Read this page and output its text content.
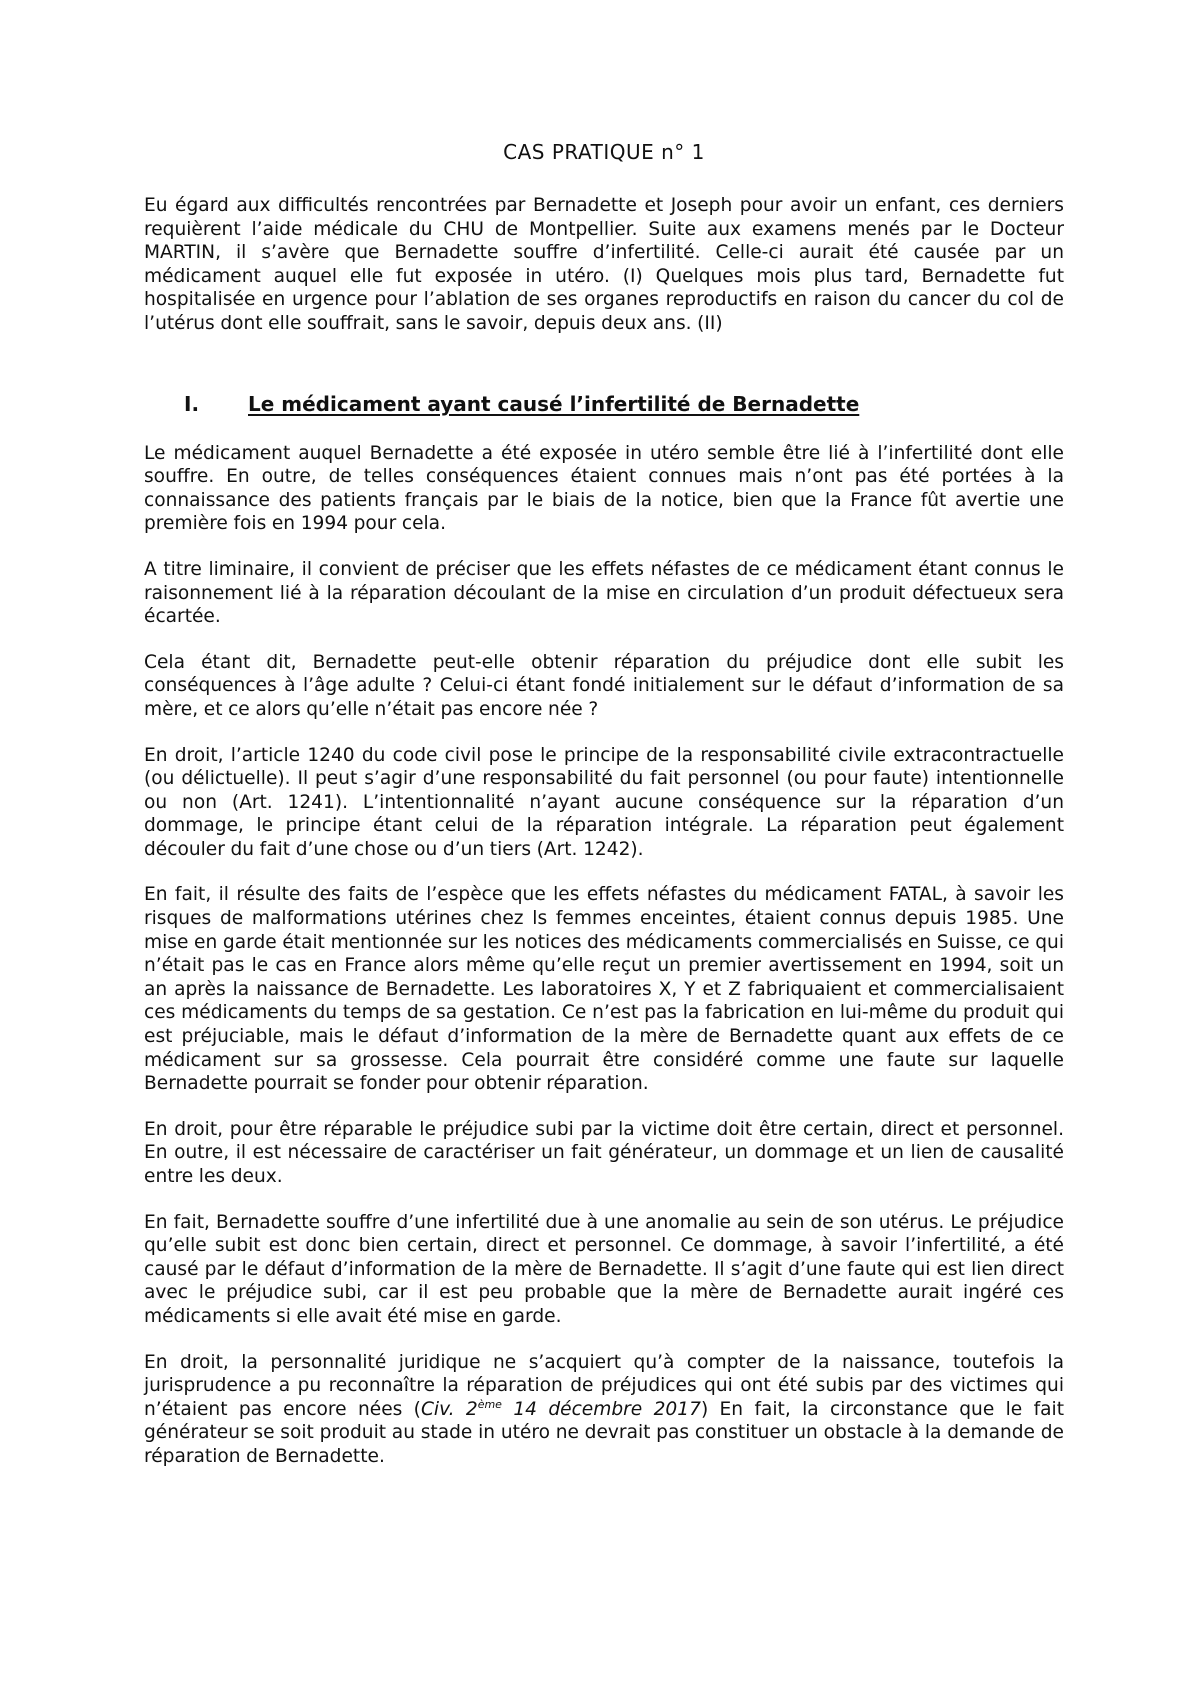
CAS PRATIQUE n° 1

Eu égard aux difficultés rencontrées par Bernadette et Joseph pour avoir un enfant, ces derniers requièrent l’aide médicale du CHU de Montpellier. Suite aux examens menés par le Docteur MARTIN, il s’avère que Bernadette souffre d’infertilité. Celle-ci aurait été causée par un médicament auquel elle fut exposée in utéro. (I) Quelques mois plus tard, Bernadette fut hospitalisée en urgence pour l’ablation de ses organes reproductifs en raison du cancer du col de l’utérus dont elle souffrait, sans le savoir, depuis deux ans. (II)

I.	Le médicament ayant causé l’infertilité de Bernadette

Le médicament auquel Bernadette a été exposée in utéro semble être lié à l’infertilité dont elle souffre. En outre, de telles conséquences étaient connues mais n’ont pas été portées à la connaissance des patients français par le biais de la notice, bien que la France fût avertie une première fois en 1994 pour cela.

A titre liminaire, il convient de préciser que les effets néfastes de ce médicament étant connus le raisonnement lié à la réparation découlant de la mise en circulation d’un produit défectueux sera écartée.

Cela étant dit, Bernadette peut-elle obtenir réparation du préjudice dont elle subit les conséquences à l’âge adulte ? Celui-ci étant fondé initialement sur le défaut d’information de sa mère, et ce alors qu’elle n’était pas encore née ?

En droit, l’article 1240 du code civil pose le principe de la responsabilité civile extracontractuelle (ou délictuelle). Il peut s’agir d’une responsabilité du fait personnel (ou pour faute) intentionnelle ou non (Art. 1241). L’intentionnalité n’ayant aucune conséquence sur la réparation d’un dommage, le principe étant celui de la réparation intégrale. La réparation peut également découler du fait d’une chose ou d’un tiers (Art. 1242).

En fait, il résulte des faits de l’espèce que les effets néfastes du médicament FATAL, à savoir les risques de malformations utérines chez ls femmes enceintes, étaient connus depuis 1985. Une mise en garde était mentionnée sur les notices des médicaments commercialisés en Suisse, ce qui n’était pas le cas en France alors même qu’elle reçut un premier avertissement en 1994, soit un an après la naissance de Bernadette. Les laboratoires X, Y et Z fabriquaient et commercialisaient ces médicaments du temps de sa gestation. Ce n’est pas la fabrication en lui-même du produit qui est préjuciable, mais le défaut d’information de la mère de Bernadette quant aux effets de ce médicament sur sa grossesse. Cela pourrait être considéré comme une faute sur laquelle Bernadette pourrait se fonder pour obtenir réparation.

En droit, pour être réparable le préjudice subi par la victime doit être certain, direct et personnel. En outre, il est nécessaire de caractériser un fait générateur, un dommage et un lien de causalité entre les deux.

En fait, Bernadette souffre d’une infertilité due à une anomalie au sein de son utérus. Le préjudice qu’elle subit est donc bien certain, direct et personnel. Ce dommage, à savoir l’infertilité, a été causé par le défaut d’information de la mère de Bernadette. Il s’agit d’une faute qui est lien direct avec le préjudice subi, car il est peu probable que la mère de Bernadette aurait ingéré ces médicaments si elle avait été mise en garde.

En droit, la personnalité juridique ne s’acquiert qu’à compter de la naissance, toutefois la jurisprudence a pu reconnaître la réparation de préjudices qui ont été subis par des victimes qui n’étaient pas encore nées (Civ. 2ème 14 décembre 2017) En fait, la circonstance que le fait générateur se soit produit au stade in utéro ne devrait pas constituer un obstacle à la demande de réparation de Bernadette.
